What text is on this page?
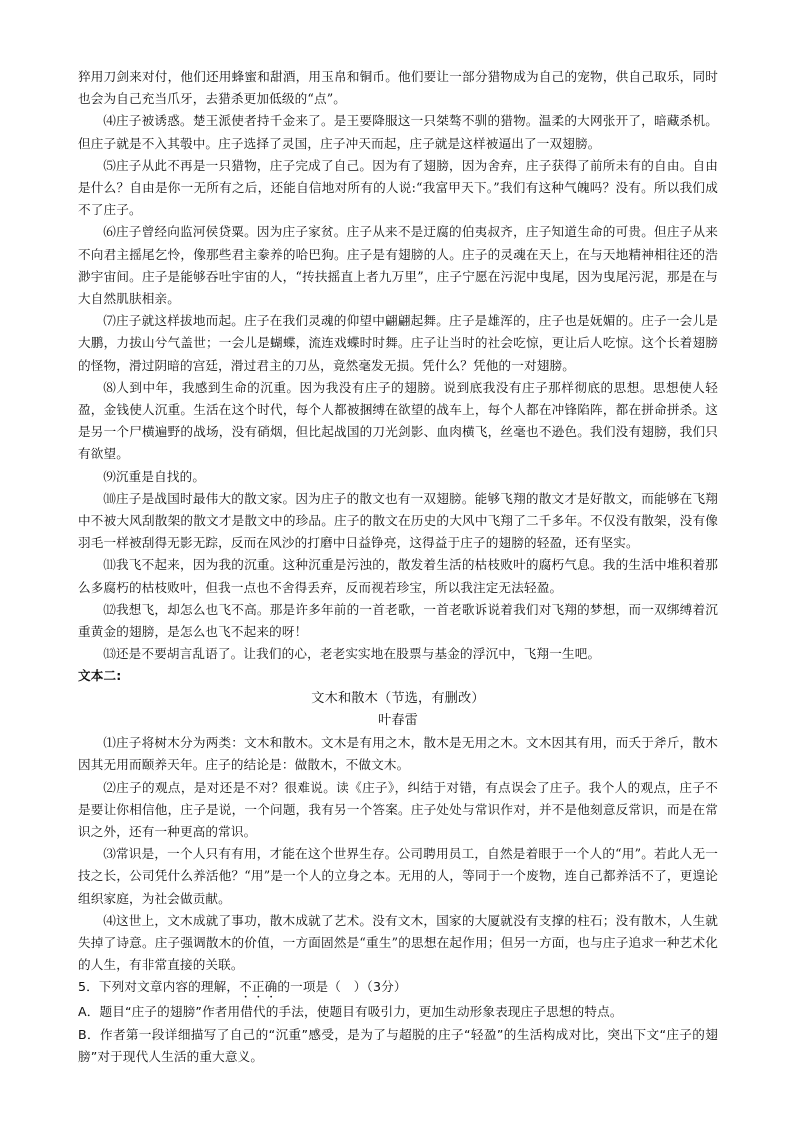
猝用刀剑来对付，他们还用蜂蜜和甜酒，用玉帛和铜币。他们要让一部分猎物成为自己的宠物，供自己取乐，同时也会为自己充当爪牙，去猎杀更加低级的“点”。

⑷庄子被诱惑。楚王派使者持千金来了。是王要降服这一只桀骜不驯的猎物。温柔的大网张开了，暗藏杀机。但庄子就是不入其彀中。庄子选择了灵国，庄子冲天而起，庄子就是这样被逼出了一双翅膀。

⑸庄子从此不再是一只猎物，庄子完成了自己。因为有了翅膀，因为舍弃，庄子获得了前所未有的自由。自由是什么？自由是你一无所有之后，还能自信地对所有的人说:“我富甲天下。”我们有这种气魄吗？没有。所以我们成不了庄子。

⑹庄子曾经向监河侯贷粟。因为庄子家贫。庄子从来不是迂腐的伯夷叔齐，庄子知道生命的可贵。但庄子从来不向君主摇尾乞怜，像那些君主豢养的哈巴狗。庄子是有翅膀的人。庄子的灵魂在天上，在与天地精神相往还的浩渺宇宙间。庄子是能够吞吐宇宙的人，“抟扶摇直上者九万里”，庄子宁愿在污泥中曳尾，因为曳尾污泥，那是在与大自然肌肤相亲。

⑺庄子就这样拔地而起。庄子在我们灵魂的仰望中翩翩起舞。庄子是雄浑的，庄子也是妩媚的。庄子一会儿是大鹏，力拔山兮气盖世；一会儿是蝴蝶，流连戏蝶时时舞。庄子让当时的社会吃惊，更让后人吃惊。这个长着翅膀的怪物，滑过阴暗的宫廷，滑过君主的刀丛，竟然毫发无损。凭什么？凭他的一对翅膀。

⑻人到中年，我感到生命的沉重。因为我没有庄子的翅膀。说到底我没有庄子那样彻底的思想。思想使人轻盈，金钱使人沉重。生活在这个时代，每个人都被捆缚在欲望的战车上，每个人都在冲锋陷阵，都在拼命拼杀。这是另一个尸横遍野的战场，没有硝烟，但比起战国的刀光剑影、血肉横飞，丝毫也不逊色。我们没有翅膀，我们只有欲望。

⑼沉重是自找的。

⑽庄子是战国时最伟大的散文家。因为庄子的散文也有一双翅膀。能够飞翔的散文才是好散文，而能够在飞翔中不被大风刮散架的散文才是散文中的珍品。庄子的散文在历史的大风中飞翔了二千多年。不仅没有散架，没有像羽毛一样被刮得无影无踪，反而在风沙的打磨中日益铮亮，这得益于庄子的翅膀的轻盈，还有坚实。

⑾我飞不起来，因为我的沉重。这种沉重是污浊的，散发着生活的枯枝败叶的腐朽气息。我的生活中堆积着那么多腐朽的枯枝败叶，但我一点也不舍得丢弃，反而视若珍宝，所以我注定无法轻盈。

⑿我想飞，却怎么也飞不高。那是许多年前的一首老歌，一首老歌诉说着我们对飞翔的梦想，而一双绑缚着沉重黄金的翅膀，是怎么也飞不起来的呀！

⒀还是不要胡言乱语了。让我们的心，老老实实地在股票与基金的浮沉中，飞翔一生吧。

文本二:

文木和散木（节选，有删改）

叶春雷

⑴庄子将树木分为两类：文木和散木。文木是有用之木，散木是无用之木。文木因其有用，而夭于斧斤，散木因其无用而颐养天年。庄子的结论是：做散木，不做文木。

⑵庄子的观点，是对还是不对？很难说。读《庄子》，纠结于对错，有点误会了庄子。我个人的观点，庄子不是要让你相信他，庄子是说，一个问题，我有另一个答案。庄子处处与常识作对，并不是他刻意反常识，而是在常识之外，还有一种更高的常识。

⑶常识是，一个人只有有用，才能在这个世界生存。公司聘用员工，自然是着眼于一个人的“用”。若此人无一技之长，公司凭什么养活他？“用”是一个人的立身之本。无用的人，等同于一个废物，连自己都养活不了，更遑论组织家庭，为社会做贡献。

⑷这世上，文木成就了事功，散木成就了艺术。没有文木，国家的大厦就没有支撑的柱石；没有散木，人生就失掉了诗意。庄子强调散木的价值，一方面固然是“重生”的思想在起作用；但另一方面，也与庄子追求一种艺术化的人生，有非常直接的关联。

5．下列对文章内容的理解，不正确的一项是（　）（3分）

A．题目“庄子的翅膀”作者用借代的手法，使题目有吸引力，更加生动形象表现庄子思想的特点。

B．作者第一段详细描写了自己的“沉重”感受，是为了与超脱的庄子“轻盈”的生活构成对比，突出下文“庄子的翅膀”对于现代人生活的重大意义。
